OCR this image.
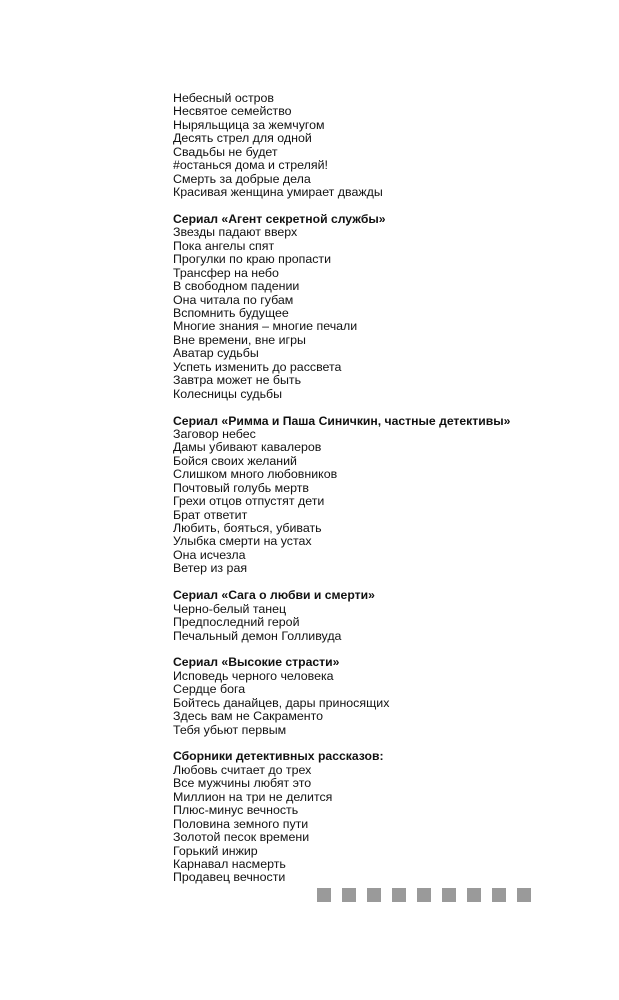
Небесный остров
Несвятое семейство
Ныряльщица за жемчугом
Десять стрел для одной
Свадьбы не будет
#останься дома и стреляй!
Смерть за добрые дела
Красивая женщина умирает дважды
Сериал «Агент секретной службы»
Звезды падают вверх
Пока ангелы спят
Прогулки по краю пропасти
Трансфер на небо
В свободном падении
Она читала по губам
Вспомнить будущее
Многие знания – многие печали
Вне времени, вне игры
Аватар судьбы
Успеть изменить до рассвета
Завтра может не быть
Колесницы судьбы
Сериал «Римма и Паша Синичкин, частные детективы»
Заговор небес
Дамы убивают кавалеров
Бойся своих желаний
Слишком много любовников
Почтовый голубь мертв
Грехи отцов отпустят дети
Брат ответит
Любить, бояться, убивать
Улыбка смерти на устах
Она исчезла
Ветер из рая
Сериал «Сага о любви и смерти»
Черно-белый танец
Предпоследний герой
Печальный демон Голливуда
Сериал «Высокие страсти»
Исповедь черного человека
Сердце бога
Бойтесь данайцев, дары приносящих
Здесь вам не Сакраменто
Тебя убьют первым
Сборники детективных рассказов:
Любовь считает до трех
Все мужчины любят это
Миллион на три не делится
Плюс-минус вечность
Половина земного пути
Золотой песок времени
Горький инжир
Карнавал насмерть
Продавец вечности
